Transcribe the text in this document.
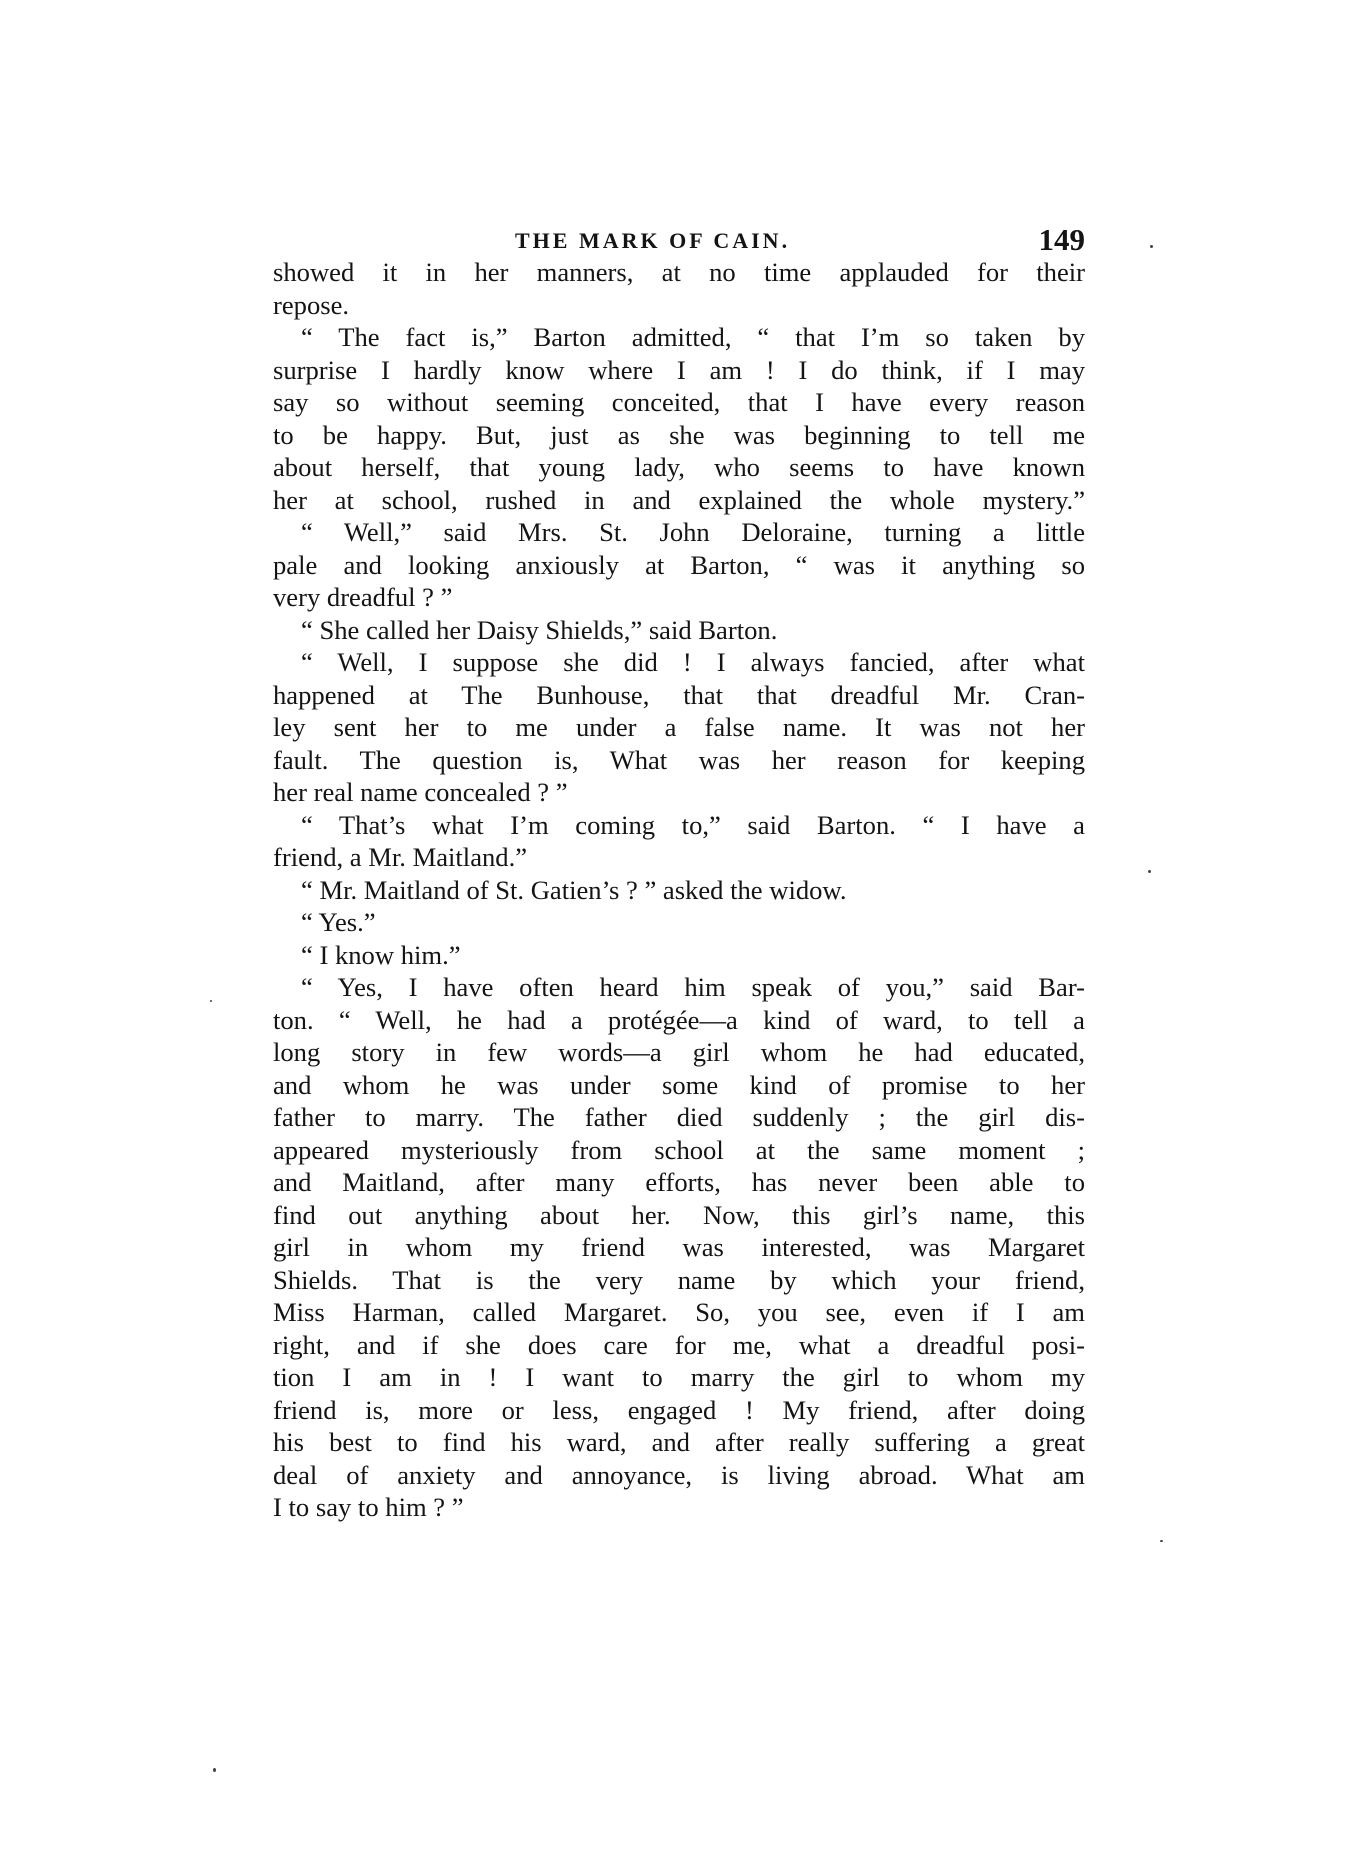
THE MARK OF CAIN.	149
showed it in her manners, at no time applauded for their
repose.
“ The fact is,” Barton admitted, “ that I’m so taken by
surprise I hardly know where I am ! I do think, if I may
say so without seeming conceited, that I have every reason
to be happy. But, just as she was beginning to tell me
about herself, that young lady, who seems to have known
her at school, rushed in and explained the whole mystery.”
“ Well,” said Mrs. St. John Deloraine, turning a little
pale and looking anxiously at Barton, “ was it anything so
very dreadful ? ”
“ She called her Daisy Shields,” said Barton.
“ Well, I suppose she did ! I always fancied, after what
happened at The Bunhouse, that that dreadful Mr. Cran-
ley sent her to me under a false name. It was not her
fault. The question is, What was her reason for keeping
her real name concealed ? ”
“ That’s what I’m coming to,” said Barton. “ I have a
friend, a Mr. Maitland.”
“ Mr. Maitland of St. Gatien’s ? ” asked the widow.
“ Yes.”
“ I know him.”
“ Yes, I have often heard him speak of you,” said Bar-
ton. “ Well, he had a protégée—a kind of ward, to tell a
long story in few words—a girl whom he had educated,
and whom he was under some kind of promise to her
father to marry. The father died suddenly ; the girl dis-
appeared mysteriously from school at the same moment ;
and Maitland, after many efforts, has never been able to
find out anything about her. Now, this girl’s name, this
girl in whom my friend was interested, was Margaret
Shields. That is the very name by which your friend,
Miss Harman, called Margaret. So, you see, even if I am
right, and if she does care for me, what a dreadful posi-
tion I am in ! I want to marry the girl to whom my
friend is, more or less, engaged ! My friend, after doing
his best to find his ward, and after really suffering a great
deal of anxiety and annoyance, is living abroad. What am
I to say to him ? ”
